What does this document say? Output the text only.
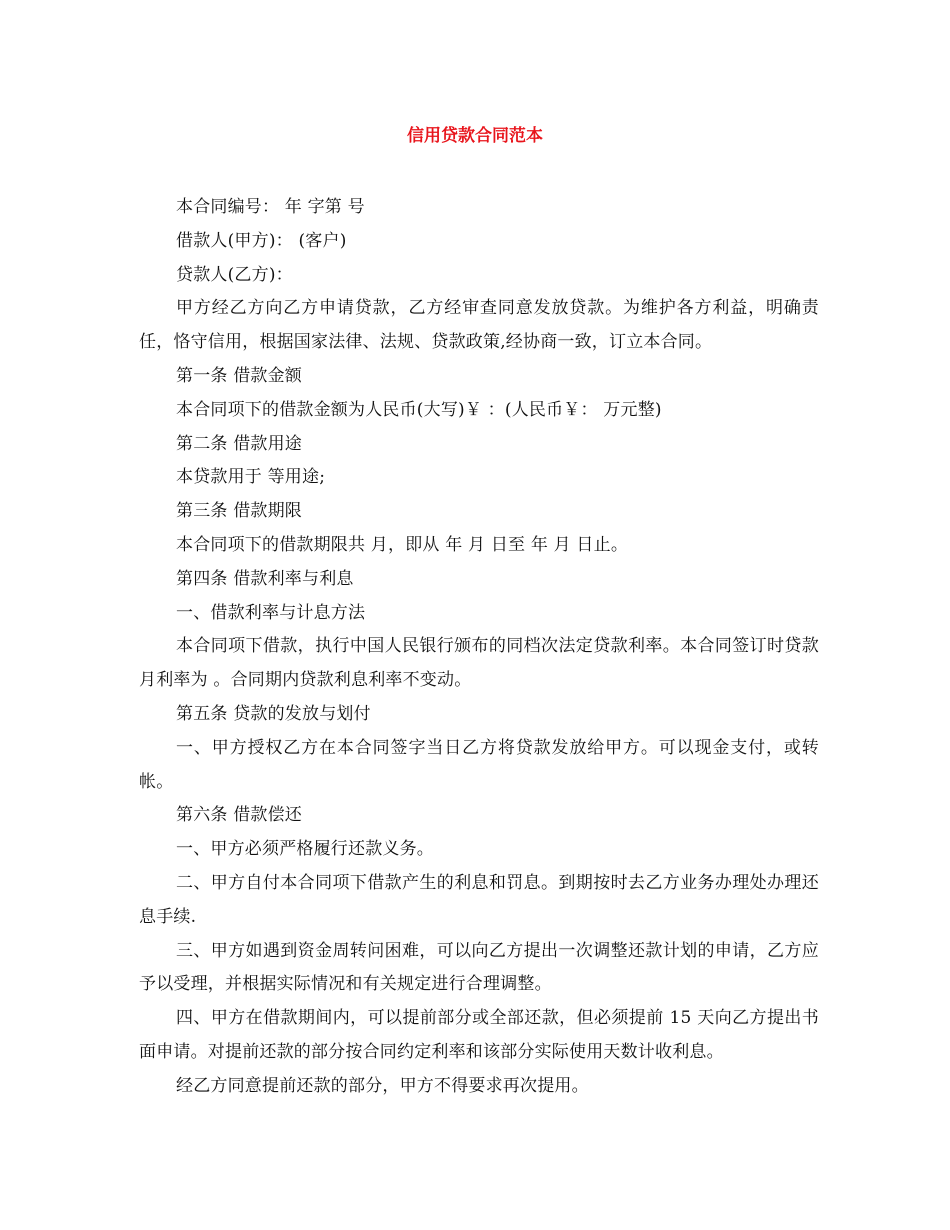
信用贷款合同范本

本合同编号： 年 字第 号

借款人(甲方)： (客户)

贷款人(乙方)：

甲方经乙方向乙方申请贷款，乙方经审查同意发放贷款。为维护各方利益，明确责任，恪守信用，根据国家法律、法规、贷款政策,经协商一致，订立本合同。

第一条 借款金额

本合同项下的借款金额为人民币(大写)￥ ：(人民币￥： 万元整)

第二条 借款用途

本贷款用于 等用途;

第三条 借款期限

本合同项下的借款期限共 月，即从 年 月 日至 年 月 日止。

第四条 借款利率与利息

一、借款利率与计息方法

本合同项下借款，执行中国人民银行颁布的同档次法定贷款利率。本合同签订时贷款月利率为 。合同期内贷款利息利率不变动。

第五条 贷款的发放与划付

一、甲方授权乙方在本合同签字当日乙方将贷款发放给甲方。可以现金支付，或转帐。

第六条 借款偿还

一、甲方必须严格履行还款义务。

二、甲方自付本合同项下借款产生的利息和罚息。到期按时去乙方业务办理处办理还息手续.

三、甲方如遇到资金周转问困难，可以向乙方提出一次调整还款计划的申请，乙方应予以受理，并根据实际情况和有关规定进行合理调整。

四、甲方在借款期间内，可以提前部分或全部还款，但必须提前 15 天向乙方提出书面申请。对提前还款的部分按合同约定利率和该部分实际使用天数计收利息。

经乙方同意提前还款的部分，甲方不得要求再次提用。
